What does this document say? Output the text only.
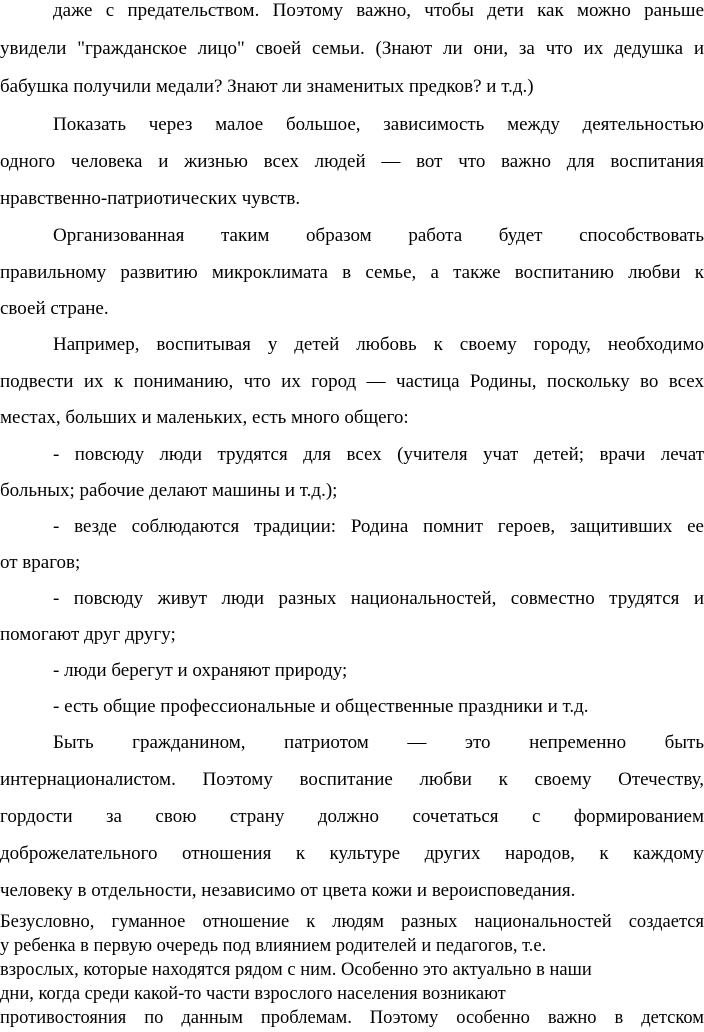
даже с предательством. Поэтому важно, чтобы дети как можно раньше

увидели "гражданское лицо" своей семьи. (Знают ли они, за что их дедушка и

бабушка получили медали? Знают ли знаменитых предков? и т.д.)

Показать через малое большое, зависимость между деятельностью

одного человека и жизнью всех людей — вот что важно для воспитания

нравственно-патриотических чувств.

Организованная таким образом работа будет способствовать

правильному развитию микроклимата в семье, а также воспитанию любви к

своей стране.

Например, воспитывая у детей любовь к своему городу, необходимо

подвести их к пониманию, что их город — частица Родины, поскольку во всех

местах, больших и маленьких, есть много общего:

- повсюду люди трудятся для всех (учителя учат детей; врачи лечат

больных; рабочие делают машины и т.д.);

- везде соблюдаются традиции: Родина помнит героев, защитивших ее

от врагов;

- повсюду живут люди разных национальностей, совместно трудятся и

помогают друг другу;

- люди берегут и охраняют природу;

- есть общие профессиональные и общественные праздники и т.д.

Быть гражданином, патриотом — это непременно быть

интернационалистом. Поэтому воспитание любви к своему Отечеству,

гордости за свою страну должно сочетаться с формированием

доброжелательного отношения к культуре других народов, к каждому

человеку в отдельности, независимо от цвета кожи и вероисповедания.

Безусловно, гуманное отношение к людям разных национальностей создается

у ребенка в первую очередь под влиянием родителей и педагогов, т.е.

взрослых, которые находятся рядом с ним. Особенно это актуально в наши

дни, когда среди какой-то части взрослого населения возникают

противостояния по данным проблемам. Поэтому особенно важно в детском
